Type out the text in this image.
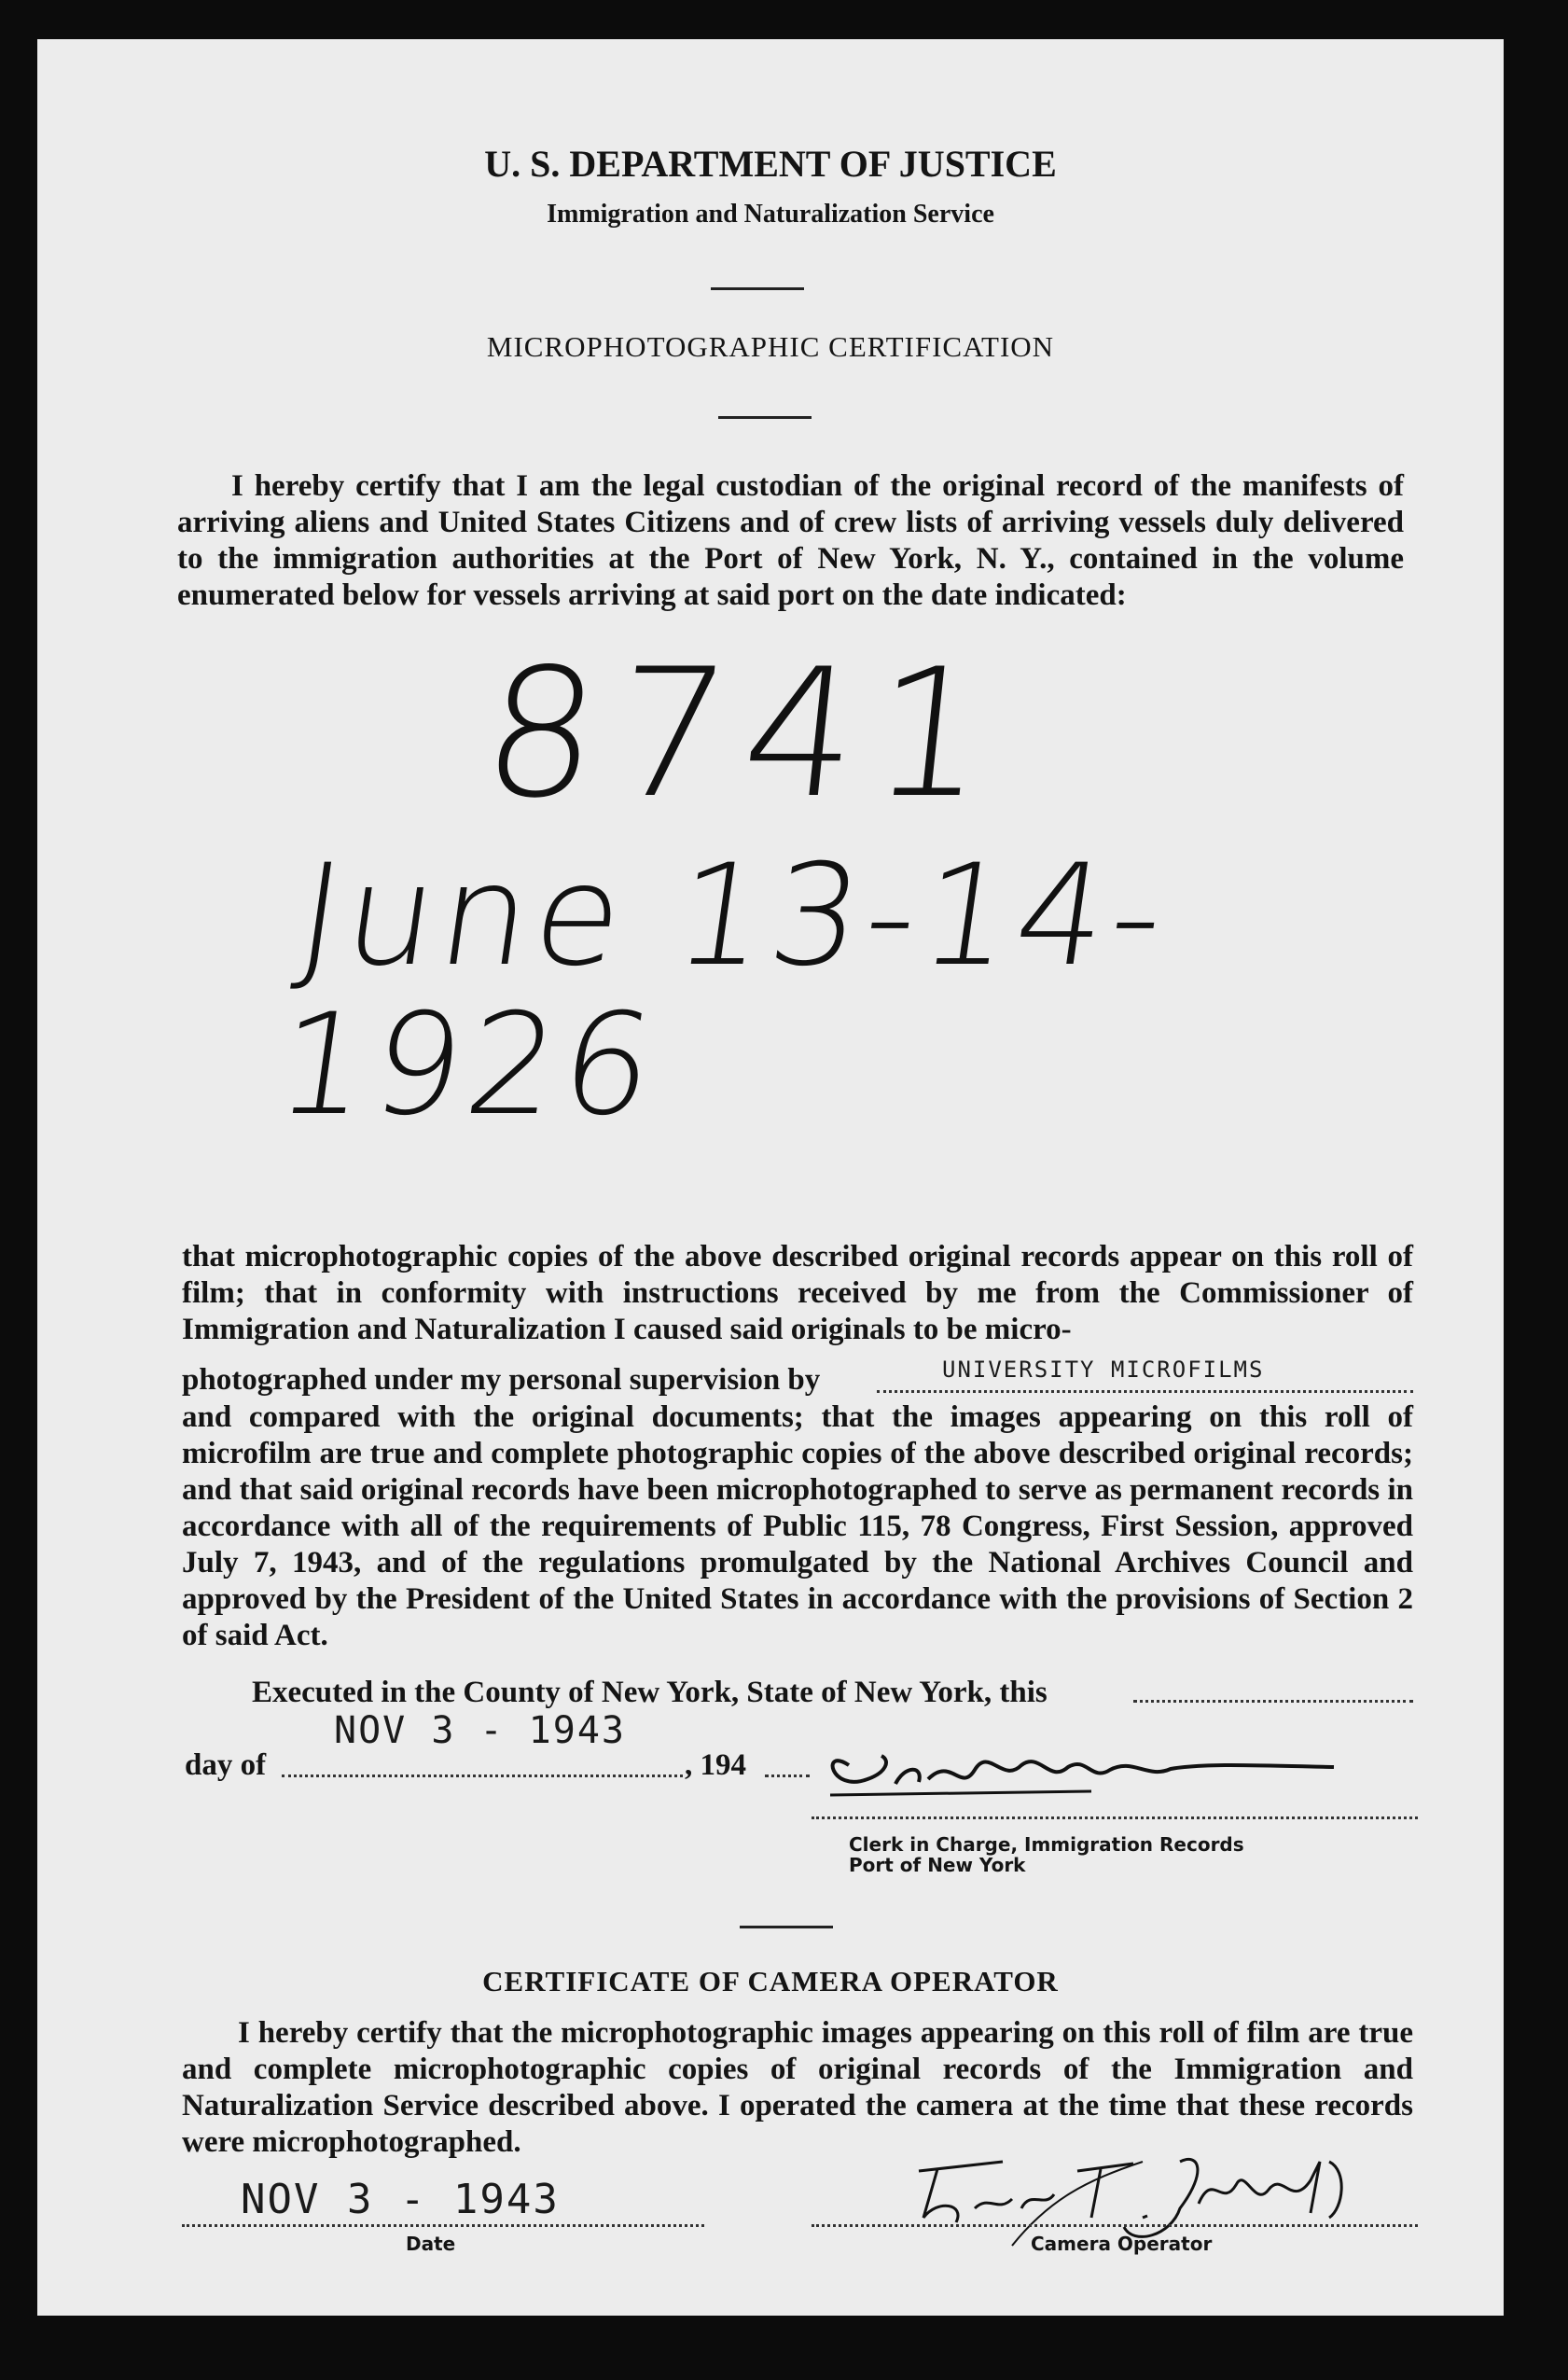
U. S. DEPARTMENT OF JUSTICE
Immigration and Naturalization Service
MICROPHOTOGRAPHIC CERTIFICATION
I hereby certify that I am the legal custodian of the original record of the manifests of arriving aliens and United States Citizens and of crew lists of arriving vessels duly delivered to the immigration authorities at the Port of New York, N. Y., contained in the volume enumerated below for vessels arriving at said port on the date indicated:
8741
June 13-14-1926
that microphotographic copies of the above described original records appear on this roll of film; that in conformity with instructions received by me from the Commissioner of Immigration and Naturalization I caused said originals to be micro-
photographed under my personal supervision by	UNIVERSITY MICROFILMS
and compared with the original documents; that the images appearing on this roll of microfilm are true and complete photographic copies of the above described original records; and that said original records have been microphotographed to serve as permanent records in accordance with all of the requirements of Public 115, 78 Congress, First Session, approved July 7, 1943, and of the regulations promulgated by the National Archives Council and approved by the President of the United States in accordance with the provisions of Section 2 of said Act.
Executed in the County of New York, State of New York, this
NOV 3 - 1943
day of	, 194
Clerk in Charge, Immigration Records
Port of New York
CERTIFICATE OF CAMERA OPERATOR
I hereby certify that the microphotographic images appearing on this roll of film are true and complete microphotographic copies of original records of the Immigration and Naturalization Service described above. I operated the camera at the time that these records were microphotographed.
NOV 3 - 1943
Date	Camera Operator
